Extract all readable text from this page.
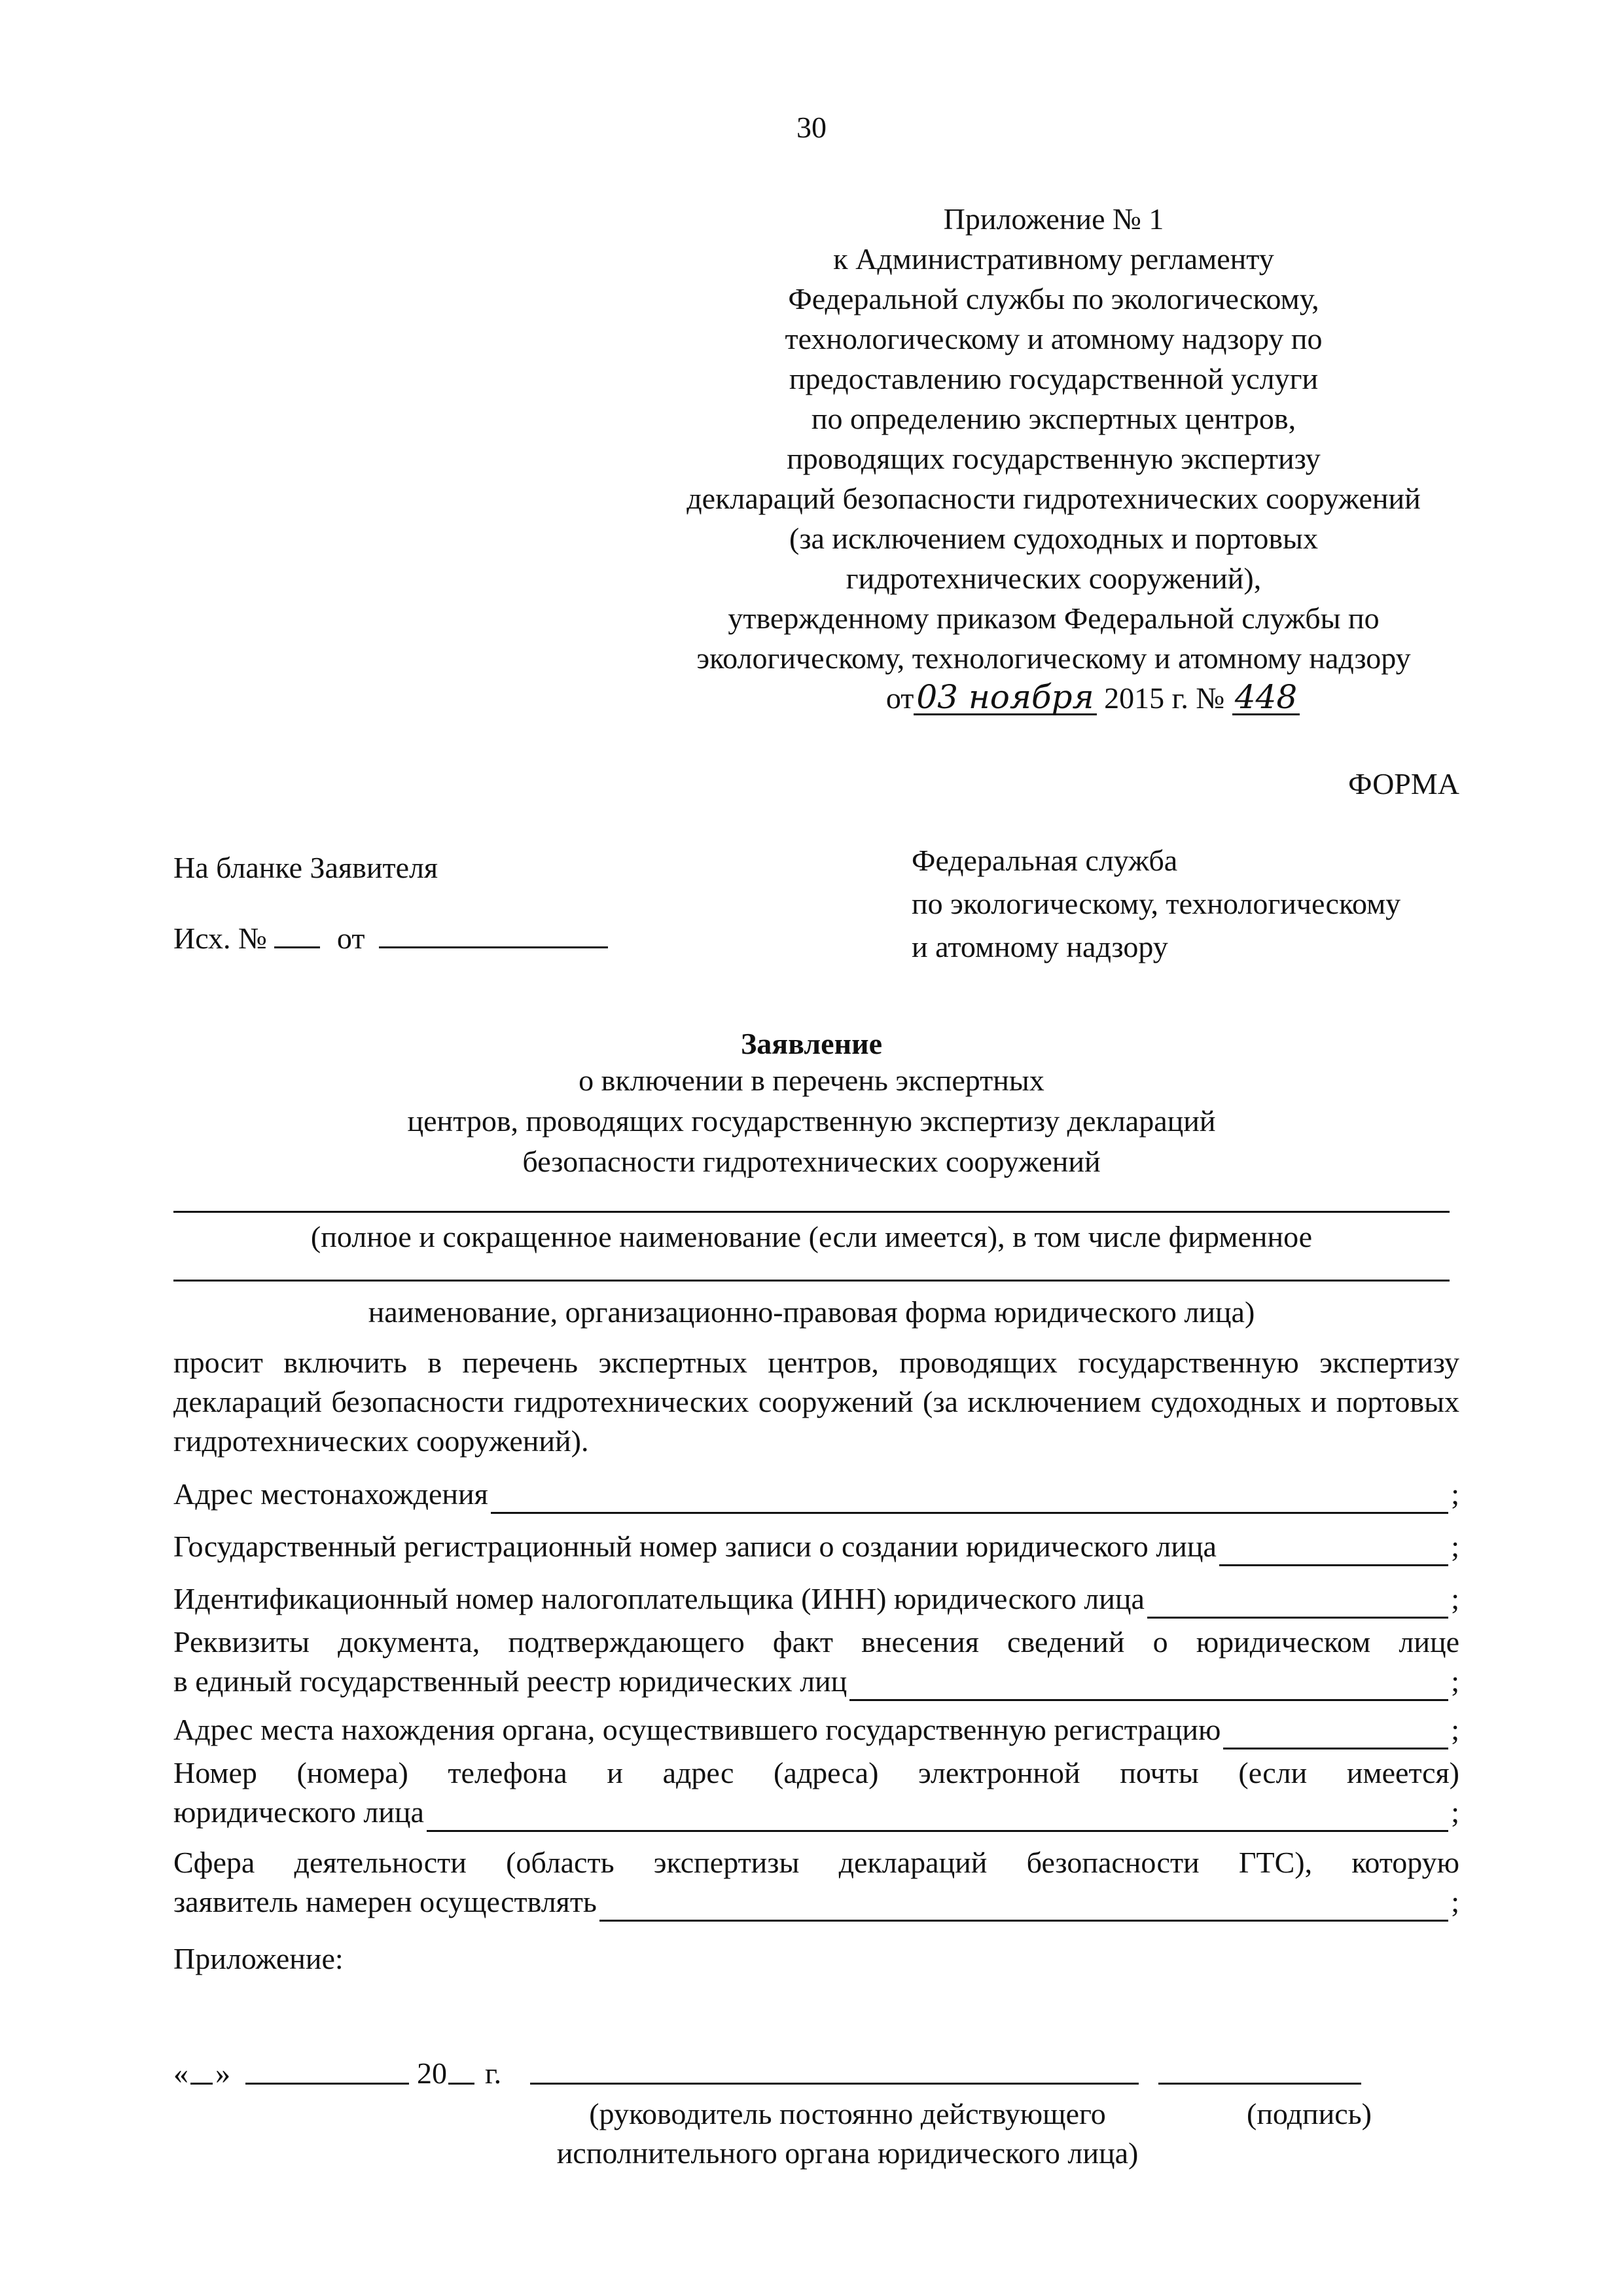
30
Приложение № 1
к Административному регламенту
Федеральной службы по экологическому,
технологическому и атомному надзору по
предоставлению государственной услуги
по определению экспертных центров,
проводящих государственную экспертизу
деклараций безопасности гидротехнических сооружений
(за исключением судоходных и портовых
гидротехнических сооружений),
утвержденному приказом Федеральной службы по
экологическому, технологическому и атомному надзору
от03 ноября 2015 г. № 448
ФОРМА
На бланке Заявителя
Исх. № от
Федеральная служба
по экологическому, технологическому
и атомному надзору
Заявление
о включении в перечень экспертных
центров, проводящих государственную экспертизу деклараций
безопасности гидротехнических сооружений
(полное и сокращенное наименование (если имеется), в том числе фирменное
наименование, организационно-правовая форма юридического лица)
просит включить в перечень экспертных центров, проводящих государственную экспертизу деклараций безопасности гидротехнических сооружений (за исключением судоходных и портовых гидротехнических сооружений).
Адрес местонахождения	;
Государственный регистрационный номер записи о создании юридического лица	;
Идентификационный номер налогоплательщика (ИНН) юридического лица	;
Реквизиты документа, подтверждающего факт внесения сведений о юридическом лице
в единый государственный реестр юридических лиц	;
Адрес места нахождения органа, осуществившего государственную регистрацию	;
Номер (номера) телефона и адрес (адреса) электронной почты (если имеется)
юридического лица	;
Сфера деятельности (область экспертизы деклараций безопасности ГТС), которую
заявитель намерен осуществлять	;
Приложение:
« »	20 г.
(руководитель постоянно действующего
исполнительного органа юридического лица)
(подпись)
